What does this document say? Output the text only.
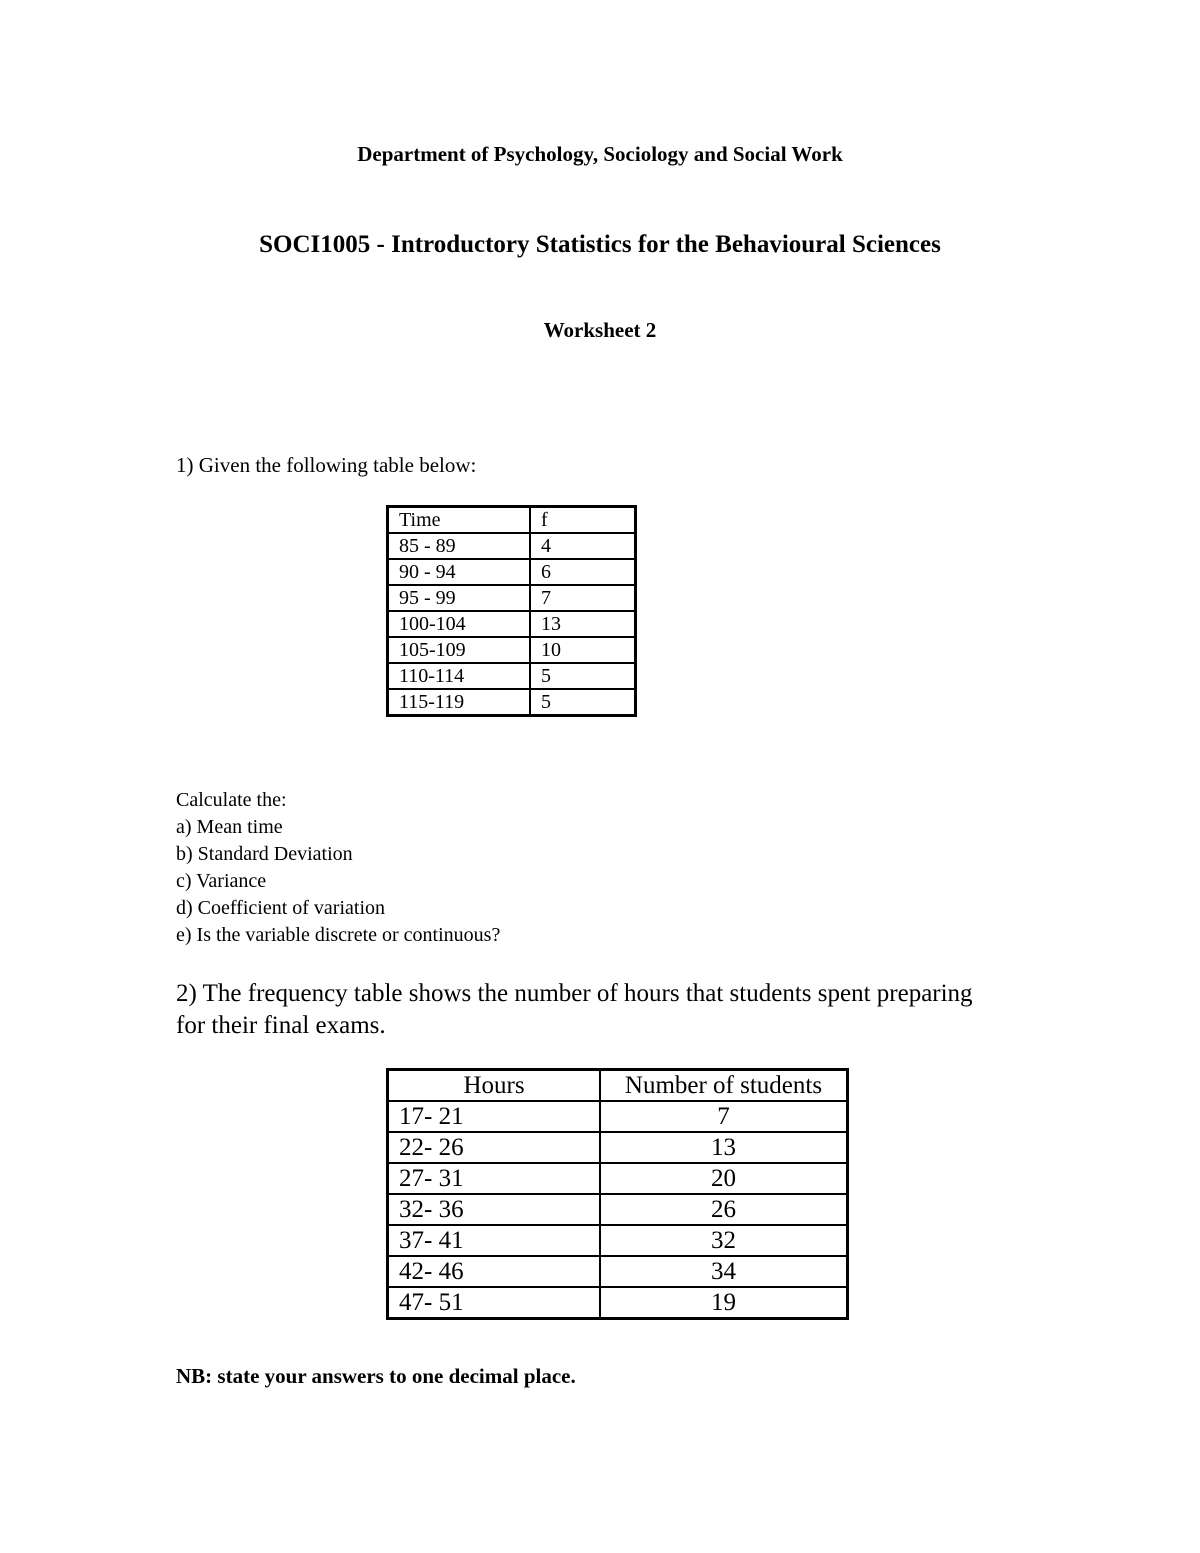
Department of Psychology, Sociology and Social Work
SOCI1005 - Introductory Statistics for the Behavioural Sciences
Worksheet 2
1) Given the following table below:
Time	f
85 - 89	4
90 - 94	6
95 - 99	7
100-104	13
105-109	10
110-114	5
115-119	5
Calculate the:
a) Mean time
b) Standard Deviation
c) Variance
d) Coefficient of variation
e) Is the variable discrete or continuous?
2) The frequency table shows the number of hours that students spent preparing for their final exams.
Hours	Number of students
17- 21	7
22- 26	13
27- 31	20
32- 36	26
37- 41	32
42- 46	34
47- 51	19
NB: state your answers to one decimal place.
